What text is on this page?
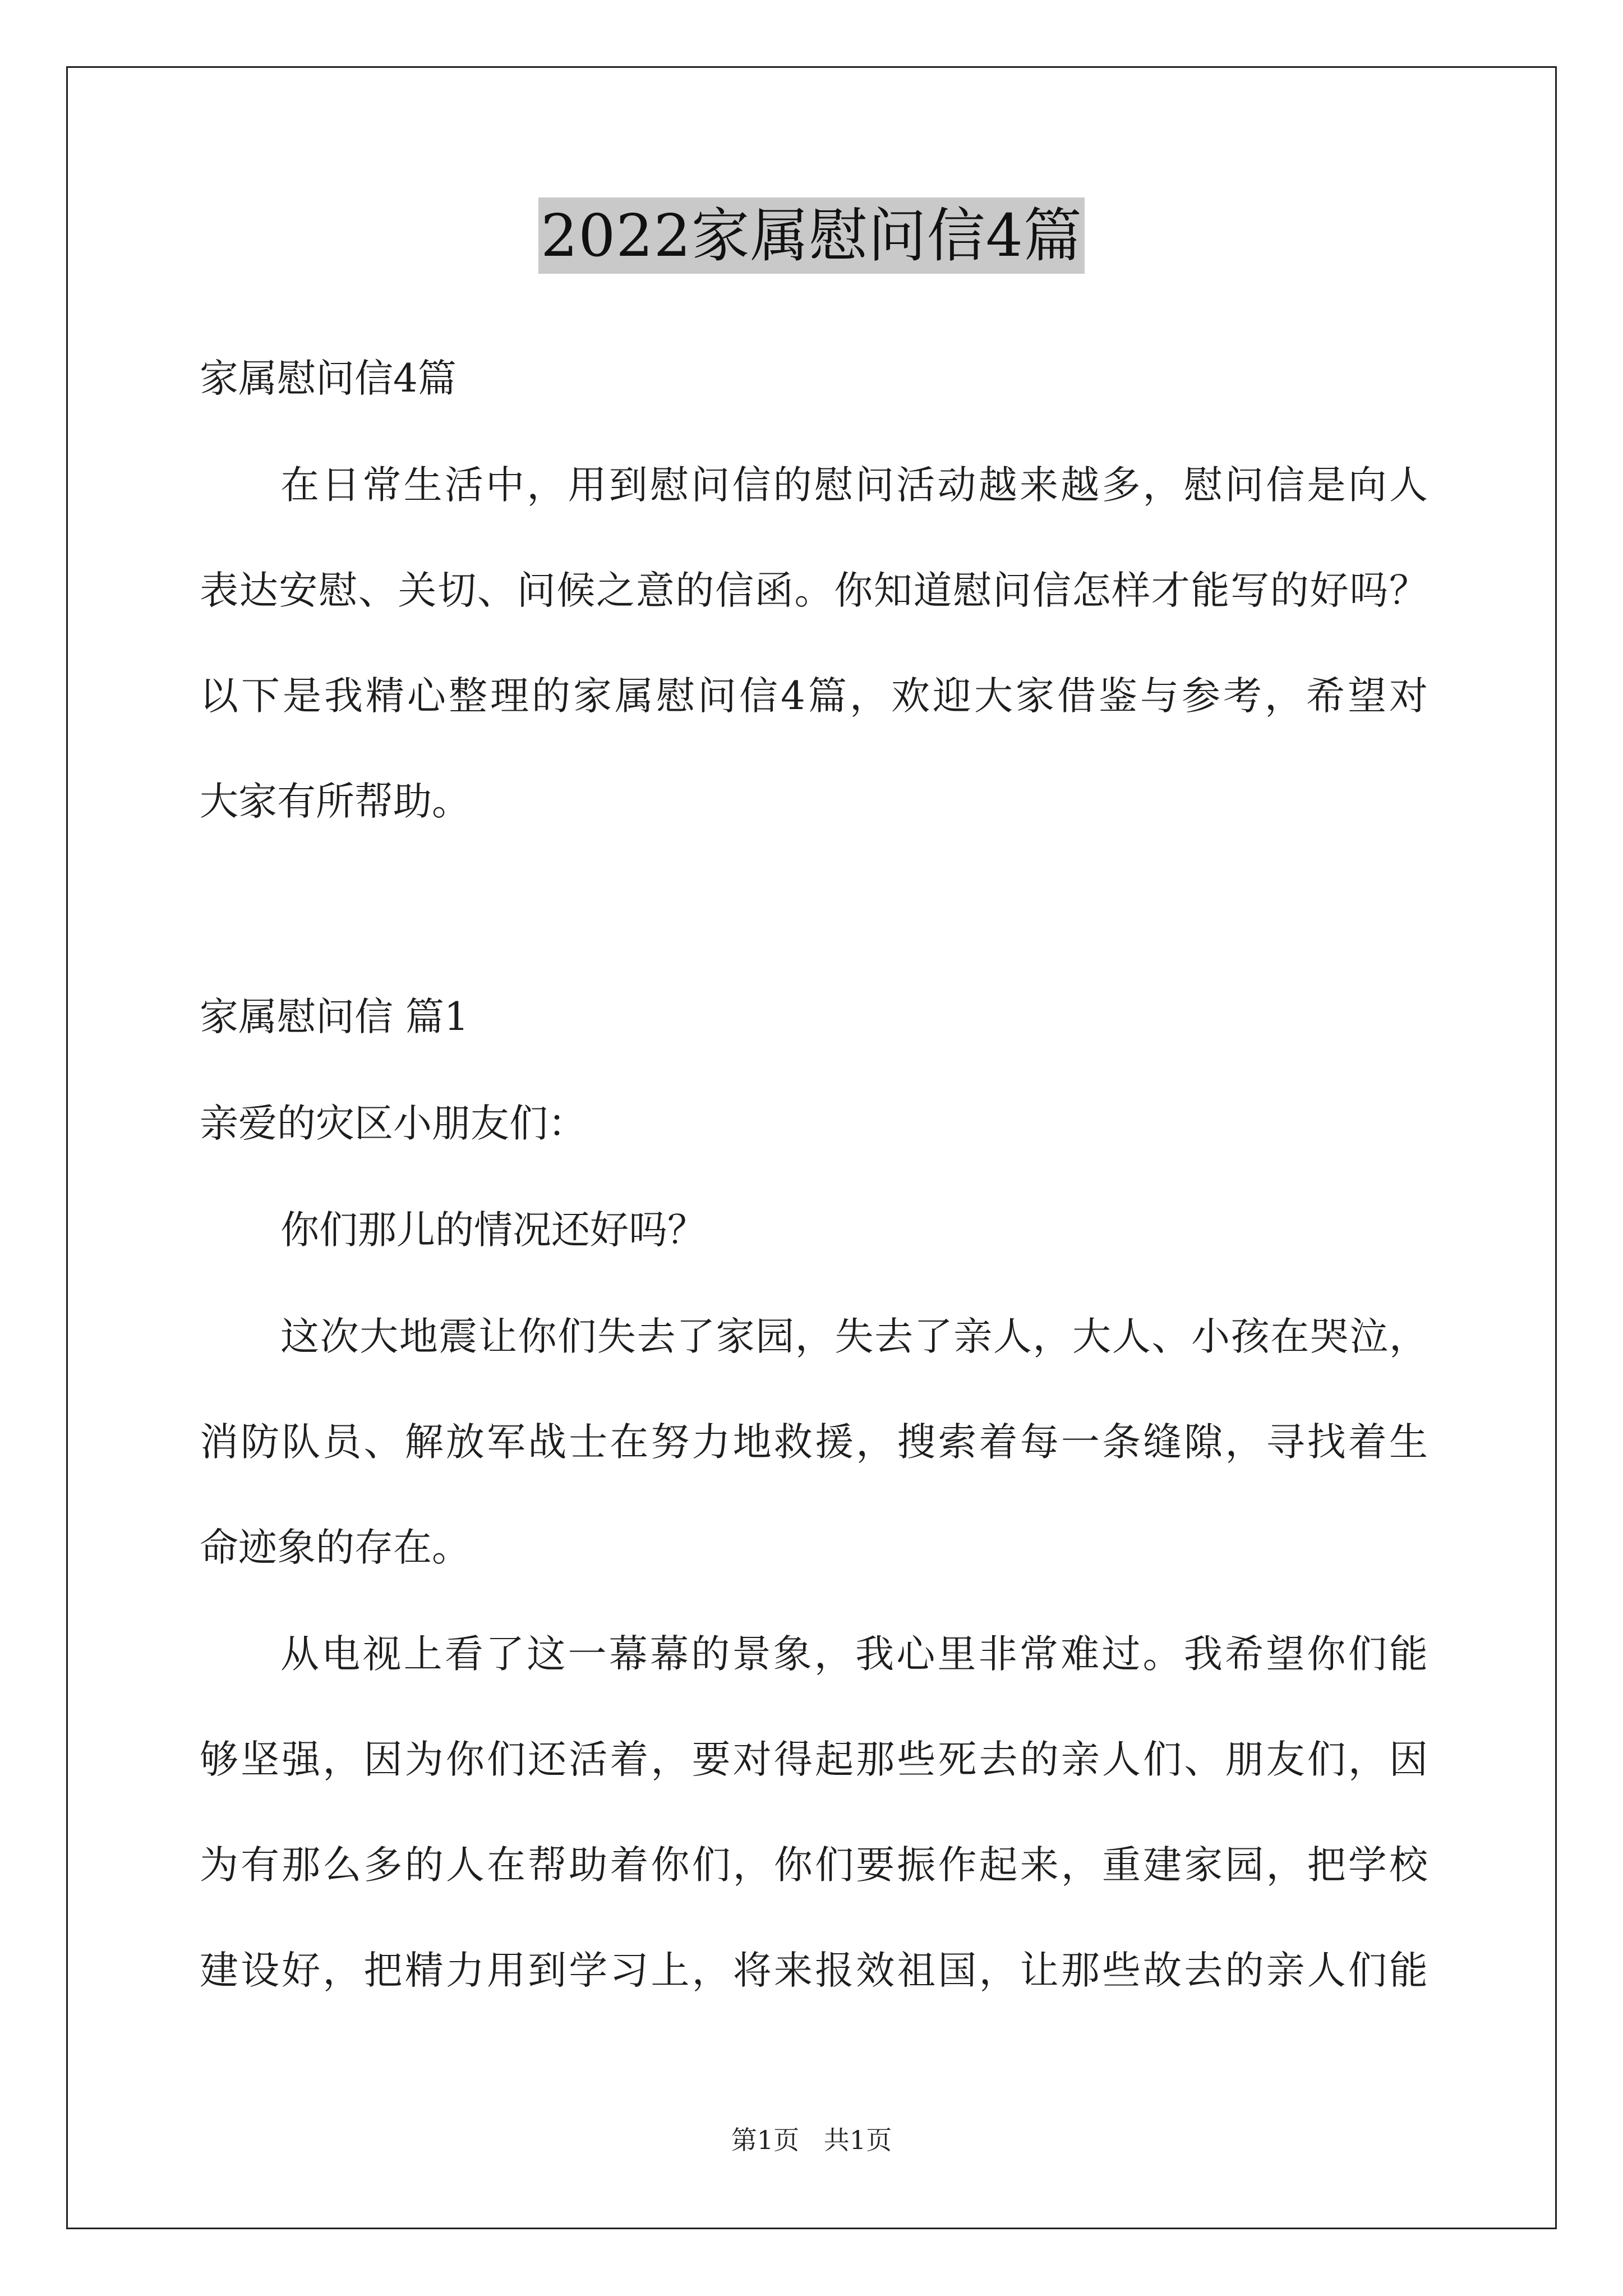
2022家属慰问信4篇
家属慰问信4篇
在日常生活中，用到慰问信的慰问活动越来越多，慰问信是向人
表达安慰、关切、问候之意的信函。你知道慰问信怎样才能写的好吗？
以下是我精心整理的家属慰问信4篇，欢迎大家借鉴与参考，希望对
大家有所帮助。
家属慰问信 篇1
亲爱的灾区小朋友们：
你们那儿的情况还好吗？
这次大地震让你们失去了家园，失去了亲人，大人、小孩在哭泣，
消防队员、解放军战士在努力地救援，搜索着每一条缝隙，寻找着生
命迹象的存在。
从电视上看了这一幕幕的景象，我心里非常难过。我希望你们能
够坚强，因为你们还活着，要对得起那些死去的亲人们、朋友们，因
为有那么多的人在帮助着你们，你们要振作起来，重建家园，把学校
建设好，把精力用到学习上，将来报效祖国，让那些故去的亲人们能
第1页   共1页
